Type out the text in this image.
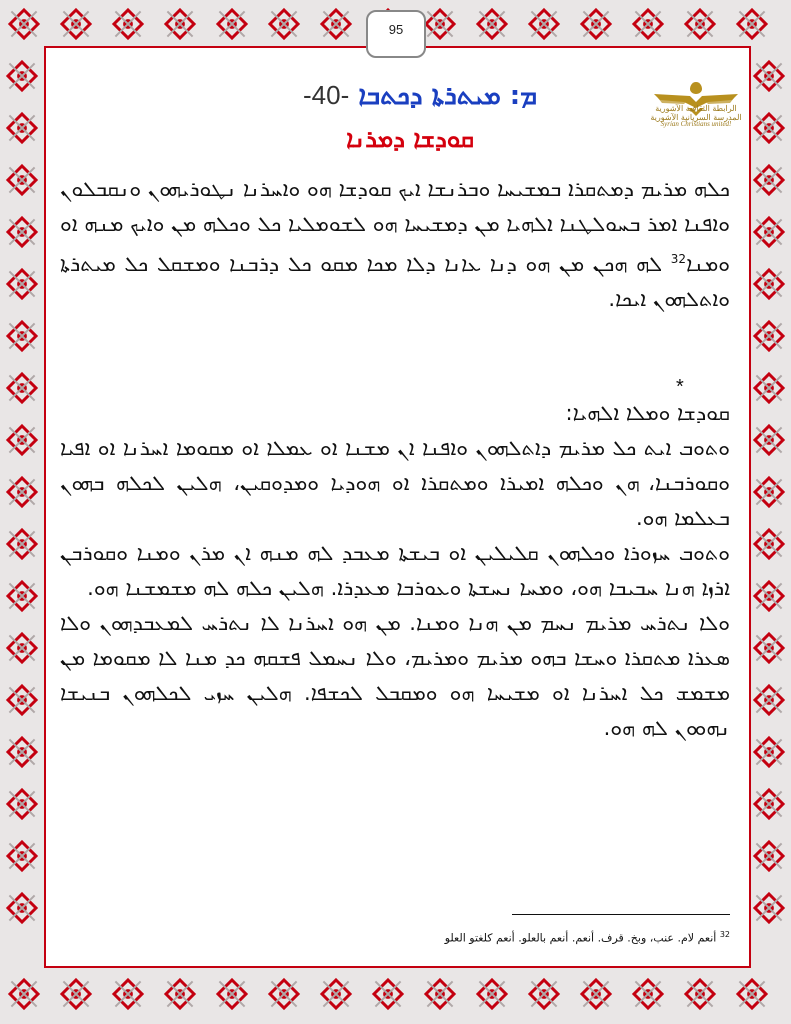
95
الرابطة الثقافية الآشورية
المدرسة السريانية الآشورية
Syrian Christians united!
ܡ: ܡܝܬܪܬܐ ܕܟܬܒܐ -40-
ܩܘܕܫܐ ܕܡܪܢܐ

ܟܠܗ ܡܪܝܡ ܕܡܬܩܪܐ ܒܡܫܝܚܐ ܘܒܪܢܫܐ ܐܝܟ ܩܘܕܫܐ ܗܘ ܘܐܚܪܢܐ ܢܛܘܪܝܗܘܢ ܘܢܩܒܠܘܢ ܘܐܦܢܐ ܐܡܪ ܒܚܘܠܛܢܐ ܐܠܗܝܐ ܡܢ ܕܡܫܝܚܐ ܗܘ ܠܫܘܡܠܝܐ ܟܠ ܘܟܠܗ ܡܢ ܘܐܝܟ ܡܢܗ ܐܘ ܘܡܢܐ$^{32}$ ܠܗ ܗܟܢ ܡܢ ܗܘ ܕܢܐ ܥܐܢܐ ܕܠܐ ܡܟܐ ܡܩܘ ܟܠ ܕܪܒܢܐ ܘܡܫܩܠ ܟܠ ܡܝܬܪܬܐ ܘܐܬܠܗܘܢ ܐܝܟܐ.

*

ܩܘܕܫܐ ܘܡܠܐ ܐܠܗܝܐ:

ܘܬܘܒ ܐܝܬ ܟܠ ܡܪܝܡ ܕܐܬܠܗܘܢ ܘܐܦܢܐ ܐܢ ܡܫܢܐ ܐܘ ܥܡܠܐ ܐܘ ܡܩܘܡܐ ܐܚܪܢܐ ܐܘ ܐܦܝܐ ܘܩܘܪܒܢܐ، ܗܢ ܘܟܠܗ ܐܡܝܪܐ ܘܡܬܩܪܐ ܐܘ ܗܘܕܝܐ ܘܡܕܘܩܝܢ، ܗܠܝܢ ܠܟܠܗ ܒܗܘܢ ܒܥܠܡܐ ܗܘ.

ܘܬܘܒ ܚܙܘܪܐ ܘܟܠܗܘܢ ܩܠܝܠܝܢ ܐܘ ܒܝܫܬܐ ܡܥܒܕ ܠܗ ܡܢܗ ܐܢ ܡܪܢ ܘܡܢܐ ܘܩܘܪܒܢ ܐܪܙܐ ܗܢܐ ܚܒܝܒܐ ܗܘ، ܘܡܚܐ ܢܚܫܬܐ ܘܥܘܪܒܐ ܡܥܕܪܐ. ܗܠܝܢ ܟܠܗ ܠܗ ܡܫܡܫܢܐ ܗܘ.

ܘܠܐ ܢܬܪܚ ܡܪܝܡ ܢܚܡ ܡܢ ܗܢܐ ܘܡܢܐ. ܡܢ ܗܘ ܐܚܪܢܐ ܠܐ ܢܬܪܚ ܠܡܥܒܕܗܘܢ ܘܠܐ ܣܥܪܐ ܡܬܩܪܐ ܘܚܫܐ ܒܗܘ ܡܪܝܡ ܘܡܪܝܡ، ܘܠܐ ܢܚܡܠ ܦܫܩܗ ܟܕ ܡܢܐ ܠܐ ܡܩܘܡܐ ܡܢ ܡܫܡܫ ܟܠ ܐܚܪܢܐ ܐܘ ܡܫܝܚܐ ܗܘ ܘܡܩܒܠ ܠܟܫܦܐ. ܗܠܝܢ ܚܙܝ ܠܟܠܗܘܢ ܒܢܝܫܐ ܢܗܘܘܢ ܠܗ ܗܘ.

$^{32}$ أنعم لام. عنب، وبخ. قرف. أنعم. أنعم بالعلو. أنعم كلغتو العلو
